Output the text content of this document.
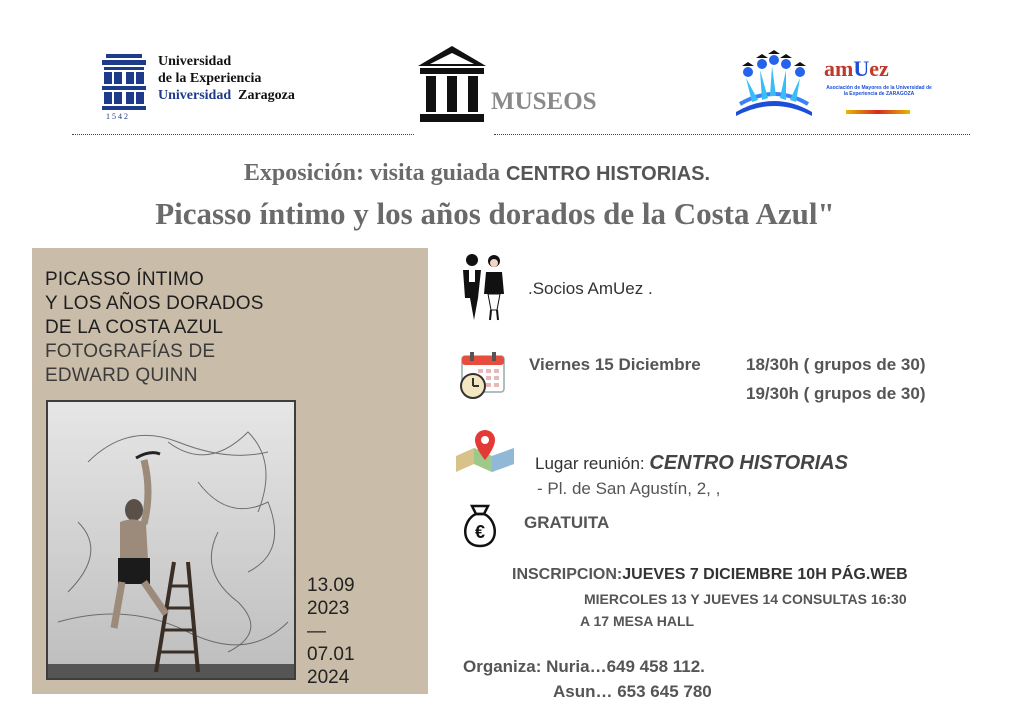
Universidad
de la Experiencia
Universidad Zaragoza
1542
MUSEOS
amUez
Asociación de Mayores de la Universidad de la Experiencia de ZARAGOZA
Exposición: visita guiada CENTRO HISTORIAS.
Picasso íntimo y los años dorados de la Costa Azul"
PICASSO ÍNTIMO
Y LOS AÑOS DORADOS
DE LA COSTA AZUL
FOTOGRAFÍAS DE
EDWARD QUINN
13.09
2023
—
07.01
2024
.Socios AmUez .
Viernes 15 Diciembre	18/30h ( grupos de 30)
19/30h ( grupos de 30)
Lugar reunión: CENTRO HISTORIAS
- Pl. de San Agustín, 2, ,
€ GRATUITA
INSCRIPCION:JUEVES 7 DICIEMBRE 10H PÁG.WEB
MIERCOLES 13 Y JUEVES 14 CONSULTAS 16:30
A 17 MESA HALL
Organiza: Nuria…649 458 112.
Asun… 653 645 780
